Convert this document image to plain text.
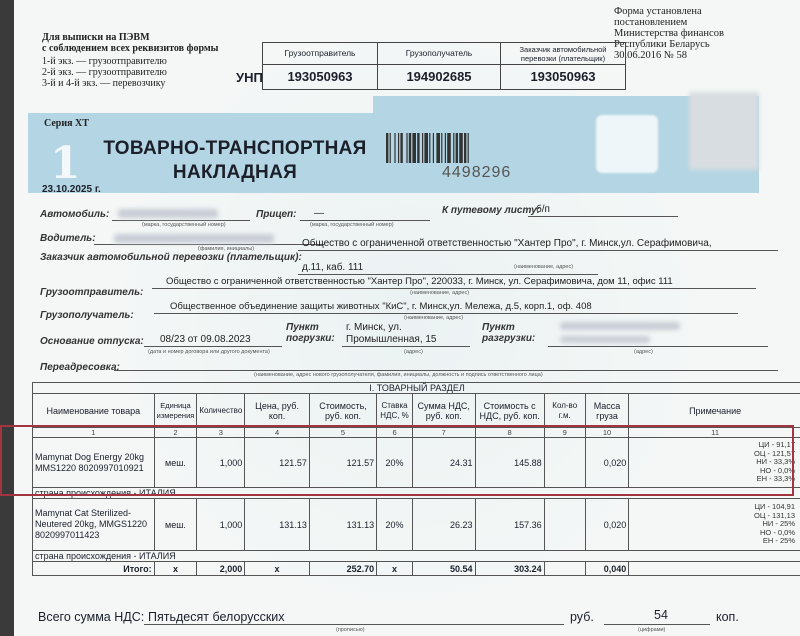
Для выписки на ПЭВМ
с соблюдением всех реквизитов формы
1-й экз. — грузоотправителю
2-й экз. — грузоотправителю
3-й и 4-й экз. — перевозчику
Форма установлена
постановлением
Министерства финансов
Республики Беларусь
30.06.2016 № 58
УНП
Грузоотправитель
193050963
Грузополучатель
194902685
Заказчик автомобильной перевозки (плательщик)
193050963
Серия ХТ
1 ТОВАРНО-ТРАНСПОРТНАЯ
НАКЛАДНАЯ
23.10.2025 г.
4498296
Автомобиль:
(марка, государственный номер)
Прицеп: —
(марка, государственный номер)
К путевому листу:
б/п
Водитель:
(фамилия, инициалы)
Заказчик автомобильной перевозки (плательщик):
Общество с ограниченной ответственностью "Хантер Про", г. Минск,ул. Серафимовича,
д.11, каб. 111	(наименование, адрес)
Грузоотправитель:
Общество с ограниченной ответственностью "Хантер Про", 220033, г. Минск, ул. Серафимовича, дом 11, офис 111
(наименование, адрес)
Грузополучатель:
Общественное объединение защиты животных "КиС", г. Минск,ул. Мележа, д.5, корп.1, оф. 408
(наименование, адрес)
Основание отпуска: 08/23 от 09.08.2023
(дата и номер договора или другого документа)
Пункт погрузки:
г. Минск, ул.
Промышленная, 15
(адрес)
Пункт разгрузки:
(адрес)
Переадресовка:
(наименование, адрес нового грузополучателя, фамилия, инициалы, должность и подпись ответственного лица)
I. ТОВАРНЫЙ РАЗДЕЛ										
Наименование товара	Единица измерения	Количество	Цена, руб. коп.	Стоимость, руб. коп.	Ставка НДС, %	Сумма НДС, руб. коп.	Стоимость с НДС, руб. коп.	Кол-во г.м.	Масса груза	Примечание
1	2	3	4	5	6	7	8	9	10	11
Mamynat Dog Energy 20kg MMS1220 8020997010921	меш.	1,000	121.57	121.57	20%	24.31	145.88		0,020	ЦИ - 91,17
ОЦ - 121,57
НИ - 33,3%
НО - 0,0%
ЕН - 33,3%

страна происхождения - ИТАЛИЯ										
Mamynat Cat Sterilized-Neutered 20kg, MMGS1220 8020997011423	меш.	1,000	131.13	131.13	20%	26.23	157.36		0,020	ЦИ - 104,91
ОЦ - 131,13
НИ - 25%
НО - 0,0%
ЕН - 25%

страна происхождения - ИТАЛИЯ										
Итого:	х	2,000	х	252.70	х	50.54	303.24		0,040	
Всего сумма НДС: Пятьдесят белорусских
(прописью)
руб.	54
(цифрами)
коп.
